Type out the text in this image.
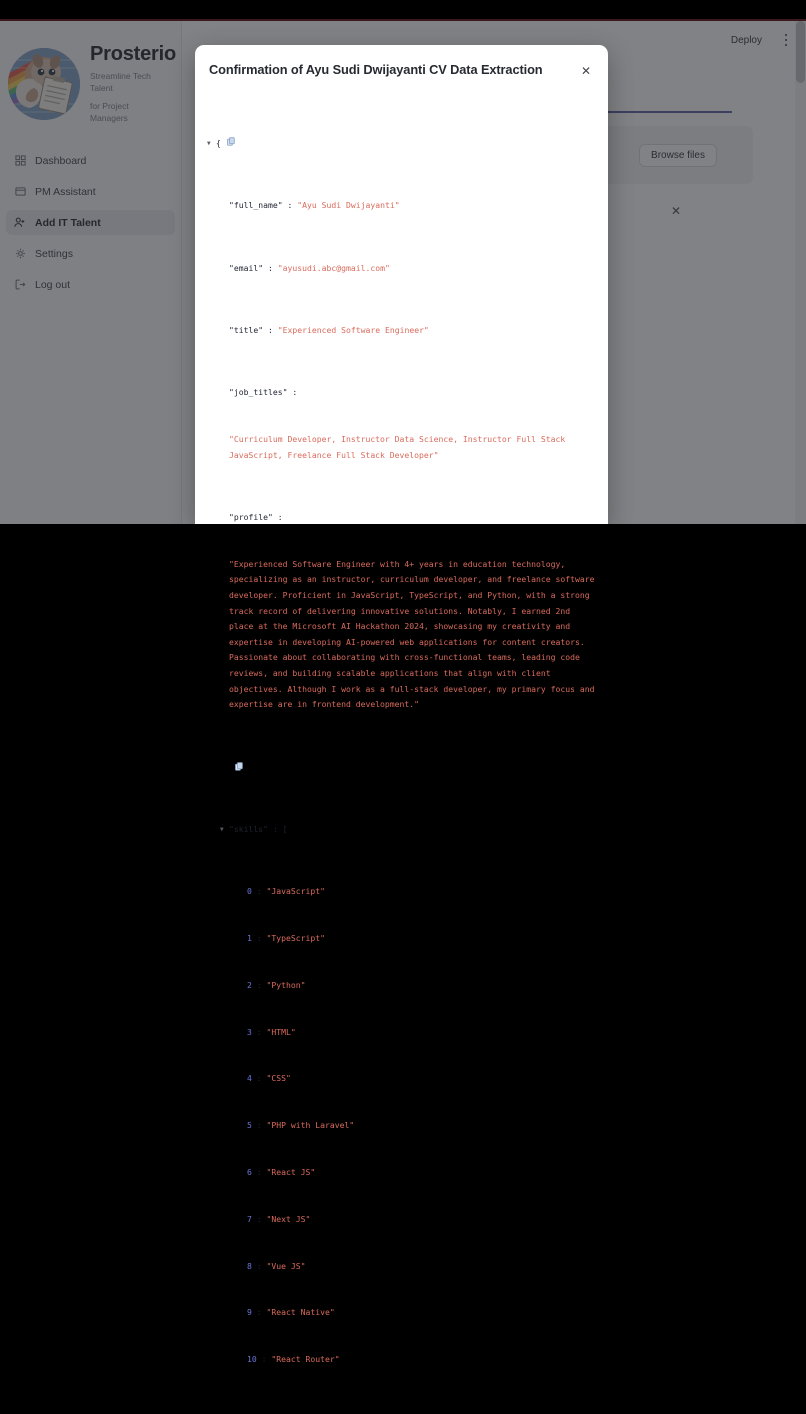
Confirmation of Ayu Sudi Dwijayanti CV Data Extraction	✕

▼ {

"full_name" : "Ayu Sudi Dwijayanti"

"email" : "ayusudi.abc@gmail.com"

"title" : "Experienced Software Engineer"

"job_titles" :

"Curriculum Developer, Instructor Data Science, Instructor Full Stack JavaScript, Freelance Full Stack Developer"

"profile" :

"Experienced Software Engineer with 4+ years in education technology, specializing as an instructor, curriculum developer, and freelance software developer. Proficient in JavaScript, TypeScript, and Python, with a strong track record of delivering innovative solutions. Notably, I earned 2nd place at the Microsoft AI Hackathon 2024, showcasing my creativity and expertise in developing AI-powered web applications for content creators. Passionate about collaborating with cross-functional teams, leading code reviews, and building scalable applications that align with client objectives. Although I work as a full-stack developer, my primary focus and expertise are in frontend development."

▼ "skills" : [

0 : "JavaScript"

1 : "TypeScript"

2 : "Python"

3 : "HTML"

4 : "CSS"

5 : "PHP with Laravel"

6 : "React JS"

7 : "Next JS"

8 : "Vue JS"

9 : "React Native"

10 : "React Router"
